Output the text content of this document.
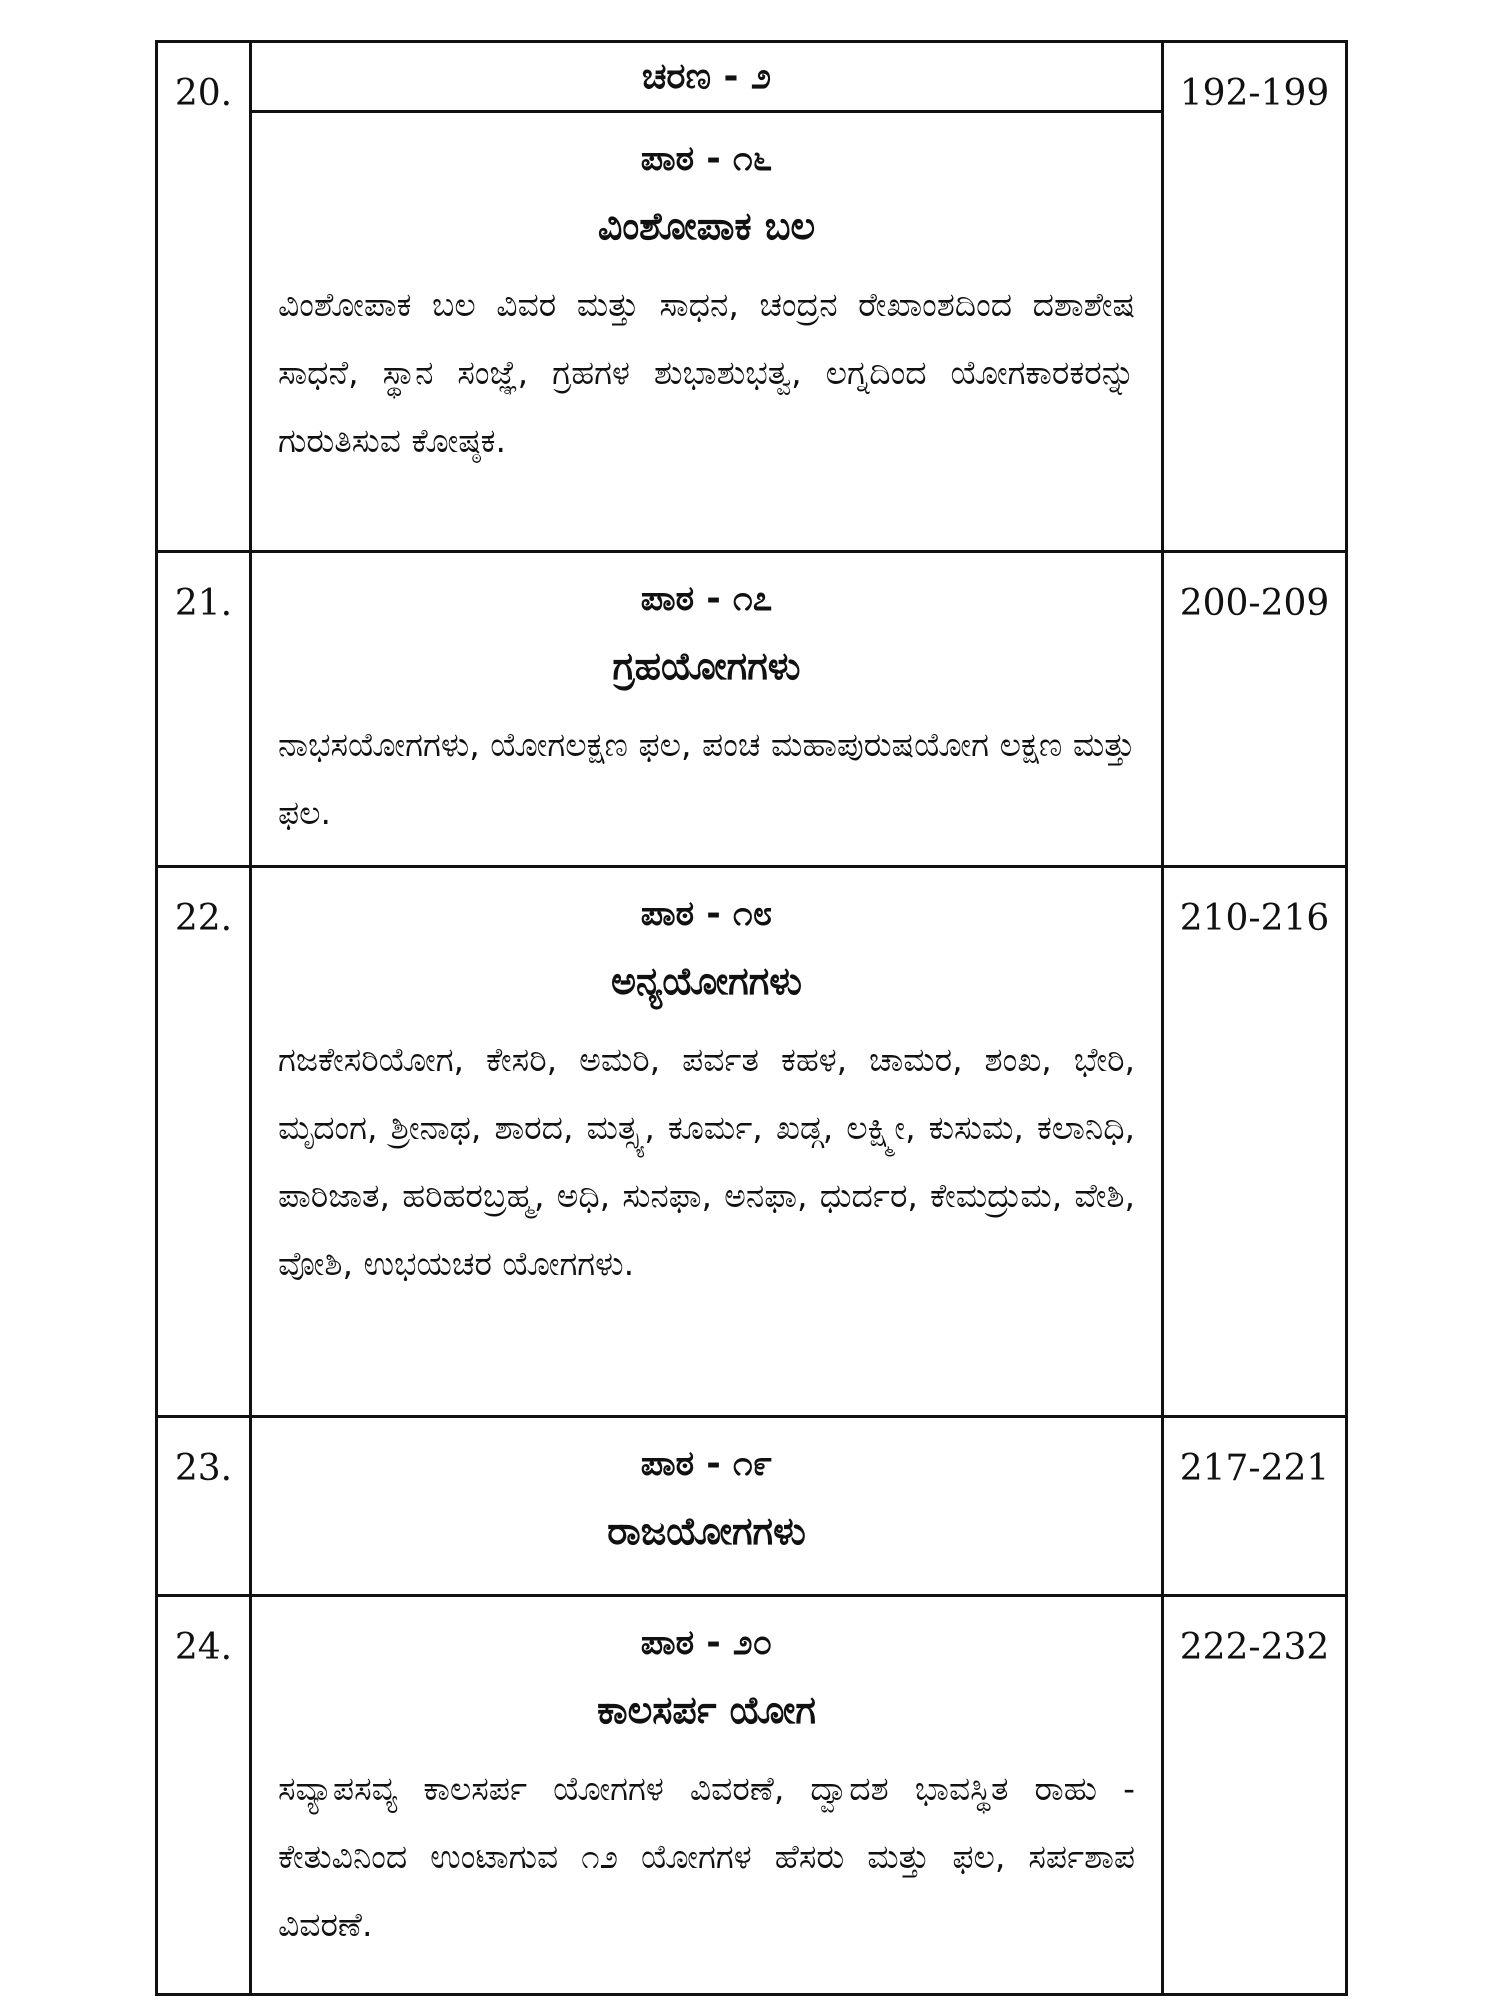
20.	ಚರಣ - ೨	192-199

	ಪಾಠ - ೧೬
ವಿಂಶೋಪಾಕ ಬಲ
ವಿಂಶೋಪಾಕ ಬಲ ವಿವರ ಮತ್ತು ಸಾಧನ, ಚಂದ್ರನ ರೇಖಾಂಶದಿಂದ ದಶಾಶೇಷ ಸಾಧನೆ, ಸ್ಥಾನ ಸಂಜ್ಞೆ, ಗ್ರಹಗಳ ಶುಭಾಶುಭತ್ವ, ಲಗ್ನದಿಂದ ಯೋಗಕಾರಕರನ್ನು ಗುರುತಿಸುವ ಕೋಷ್ಠಕ.	

21.	ಪಾಠ - ೧೭
ಗ್ರಹಯೋಗಗಳು
ನಾಭಸಯೋಗಗಳು, ಯೋಗಲಕ್ಷಣ ಫಲ, ಪಂಚ ಮಹಾಪುರುಷಯೋಗ ಲಕ್ಷಣ ಮತ್ತು ಫಲ.	200-209
22.	ಪಾಠ - ೧೮
ಅನ್ಯಯೋಗಗಳು
ಗಜಕೇಸರಿಯೋಗ, ಕೇಸರಿ, ಅಮರಿ, ಪರ್ವತ ಕಹಳ, ಚಾಮರ, ಶಂಖ, ಭೇರಿ, ಮೃದಂಗ, ಶ್ರೀನಾಥ, ಶಾರದ, ಮತ್ಸ್ಯ, ಕೂರ್ಮ, ಖಡ್ಗ, ಲಕ್ಷ್ಮೀ, ಕುಸುಮ, ಕಲಾನಿಧಿ, ಪಾರಿಜಾತ, ಹರಿಹರಬ್ರಹ್ಮ, ಅಧಿ, ಸುನಫಾ, ಅನಫಾ, ಧುರ್ದರ, ಕೇಮದ್ರುಮ, ವೇಶಿ, ವೋಶಿ, ಉಭಯಚರ ಯೋಗಗಳು.	210-216
23.	ಪಾಠ - ೧೯
ರಾಜಯೋಗಗಳು	217-221
24.	ಪಾಠ - ೨೦
ಕಾಲಸರ್ಪ ಯೋಗ
ಸವ್ಯಾಪಸವ್ಯ ಕಾಲಸರ್ಪ ಯೋಗಗಳ ವಿವರಣೆ, ದ್ವಾದಶ ಭಾವಸ್ಥಿತ ರಾಹು - ಕೇತುವಿನಿಂದ ಉಂಟಾಗುವ ೧೨ ಯೋಗಗಳ ಹೆಸರು ಮತ್ತು ಫಲ, ಸರ್ಪಶಾಪ ವಿವರಣೆ.	222-232
